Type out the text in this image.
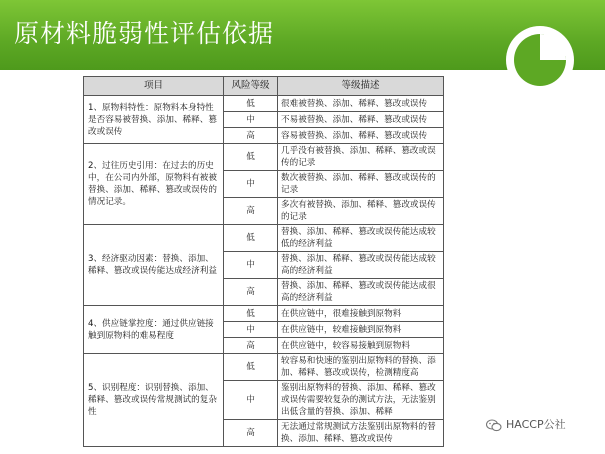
原材料脆弱性评估依据
项目	风险等级	等级描述
1、原物料特性：原物料本身特性是否容易被替换、添加、稀释、篡改或误传	低	很难被替换、添加、稀释、篡改或误传
	中	不易被替换、添加、稀释、篡改或误传
	高	容易被替换、添加、稀释、篡改或误传
2、过往历史引用：在过去的历史中，在公司内外部，原物料有被被替换、添加、稀释、篡改或误传的情况记录。	低	几乎没有被替换、添加、稀释、篡改或误传的记录
	中	数次被替换、添加、稀释、篡改或误传的记录
	高	多次有被替换、添加、稀释、篡改或误传的记录
3、经济驱动因素：替换、添加、稀释、篡改或误传能达成经济利益	低	替换、添加、稀释、篡改或误传能达成较低的经济利益
	中	替换、添加、稀释、篡改或误传能达成较高的经济利益
	高	替换、添加、稀释、篡改或误传能达成很高的经济利益
4、供应链掌控度：通过供应链接触到原物料的难易程度	低	在供应链中，很难接触到原物料
	中	在供应链中，较难接触到原物料
	高	在供应链中，较容易接触到原物料
5、识别程度：识别替换、添加、稀释、篡改或误传常规测试的复杂性	低	较容易和快速的鉴别出原物料的替换、添加、稀释、篡改或误传，检测精度高
	中	鉴别出原物料的替换、添加、稀释、篡改或误传需要较复杂的测试方法，无法鉴别出低含量的替换、添加、稀释
	高	无法通过常规测试方法鉴别出原物料的替换、添加、稀释、篡改或误传
HACCP公社
